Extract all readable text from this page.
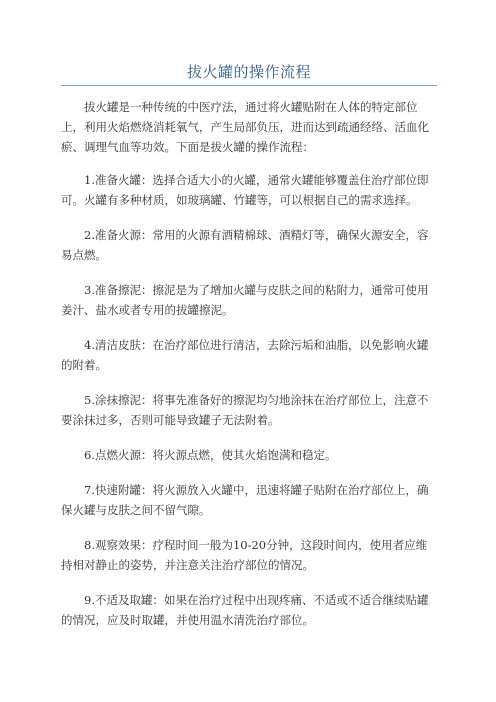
拔火罐的操作流程

拔火罐是一种传统的中医疗法，通过将火罐贴附在人体的特定部位上，利用火焰燃烧消耗氧气，产生局部负压，进而达到疏通经络、活血化瘀、调理气血等功效。下面是拔火罐的操作流程：

1.准备火罐：选择合适大小的火罐，通常火罐能够覆盖住治疗部位即可。火罐有多种材质，如玻璃罐、竹罐等，可以根据自己的需求选择。

2.准备火源：常用的火源有酒精棉球、酒精灯等，确保火源安全，容易点燃。

3.准备擦泥：擦泥是为了增加火罐与皮肤之间的粘附力，通常可使用姜汁、盐水或者专用的拔罐擦泥。

4.清洁皮肤：在治疗部位进行清洁，去除污垢和油脂，以免影响火罐的附着。

5.涂抹擦泥：将事先准备好的擦泥均匀地涂抹在治疗部位上，注意不要涂抹过多，否则可能导致罐子无法附着。

6.点燃火源：将火源点燃，使其火焰饱满和稳定。

7.快速附罐：将火源放入火罐中，迅速将罐子贴附在治疗部位上，确保火罐与皮肤之间不留气隙。

8.观察效果：疗程时间一般为10-20分钟，这段时间内，使用者应维持相对静止的姿势，并注意关注治疗部位的情况。

9.不适及取罐：如果在治疗过程中出现疼痛、不适或不适合继续贴罐的情况，应及时取罐，并使用温水清洗治疗部位。
